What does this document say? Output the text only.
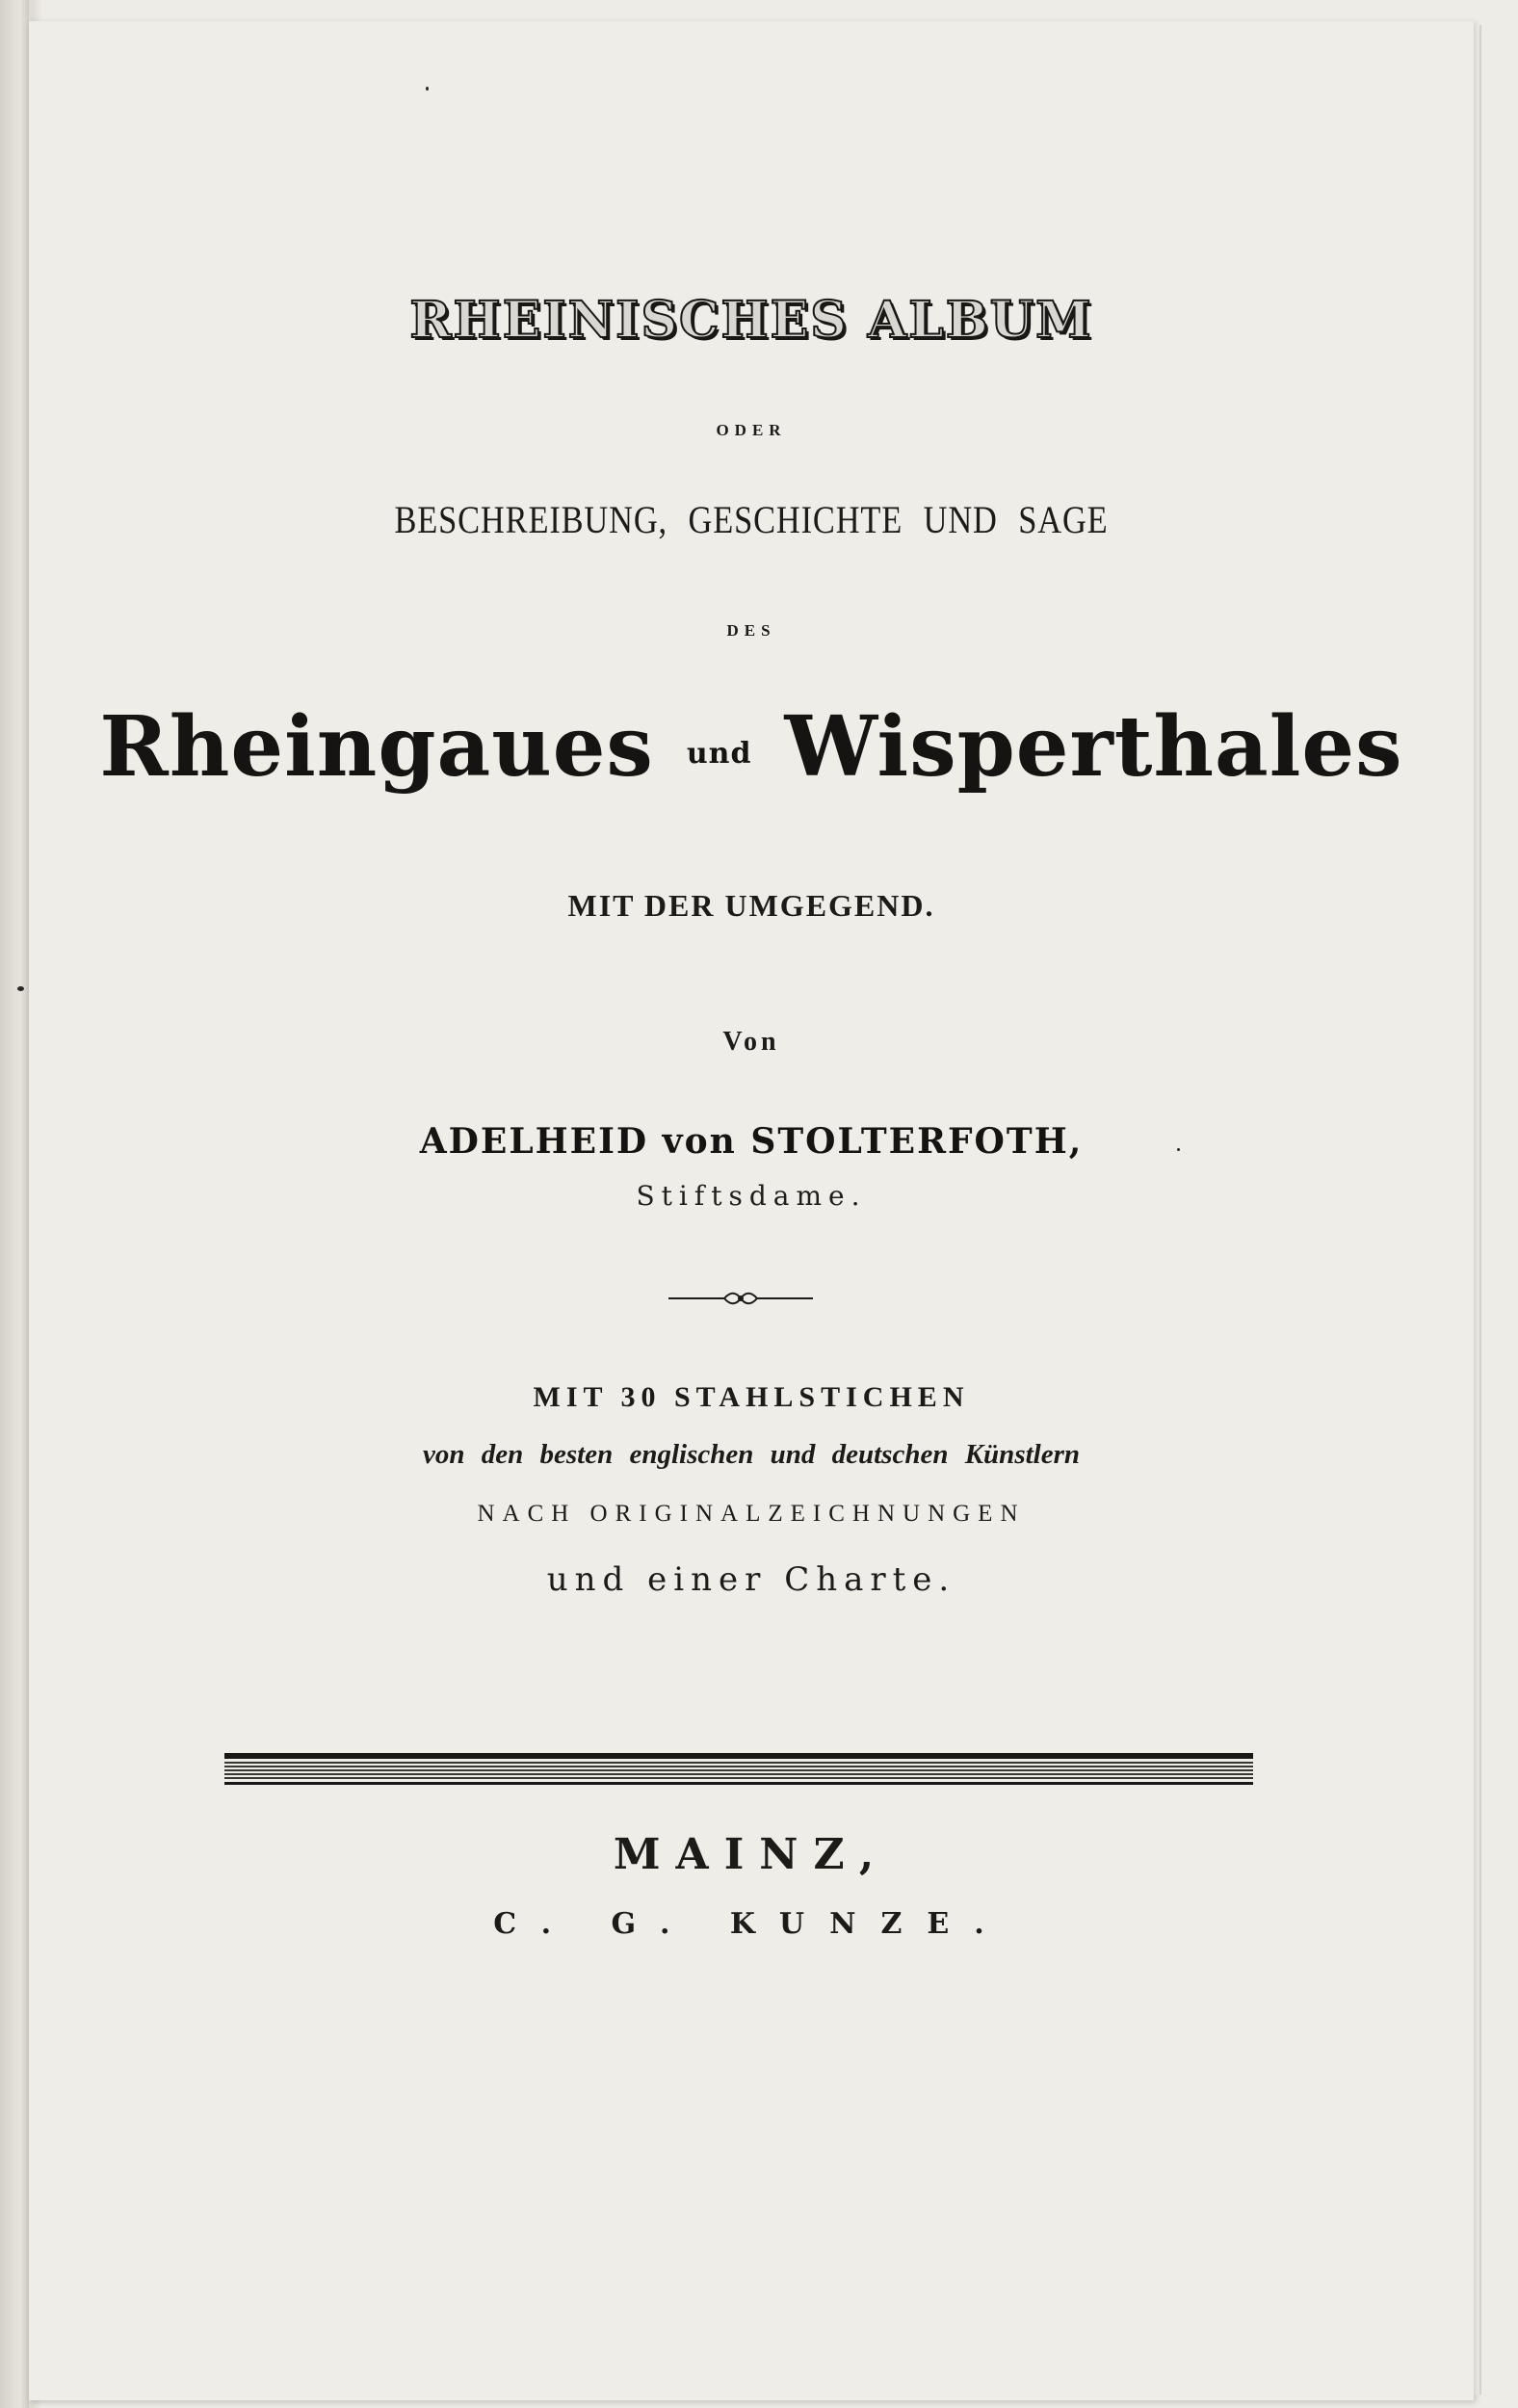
RHEINISCHES ALBUM
ODER
BESCHREIBUNG, GESCHICHTE UND SAGE
DES
Rheingaues und Wisperthales
MIT DER UMGEGEND.
Von
ADELHEID von STOLTERFOTH,
Stiftsdame.
MIT 30 STAHLSTICHEN
von den besten englischen und deutschen Künstlern
NACH ORIGINALZEICHNUNGEN
und einer Charte.
MAINZ,
C. G. KUNZE.
